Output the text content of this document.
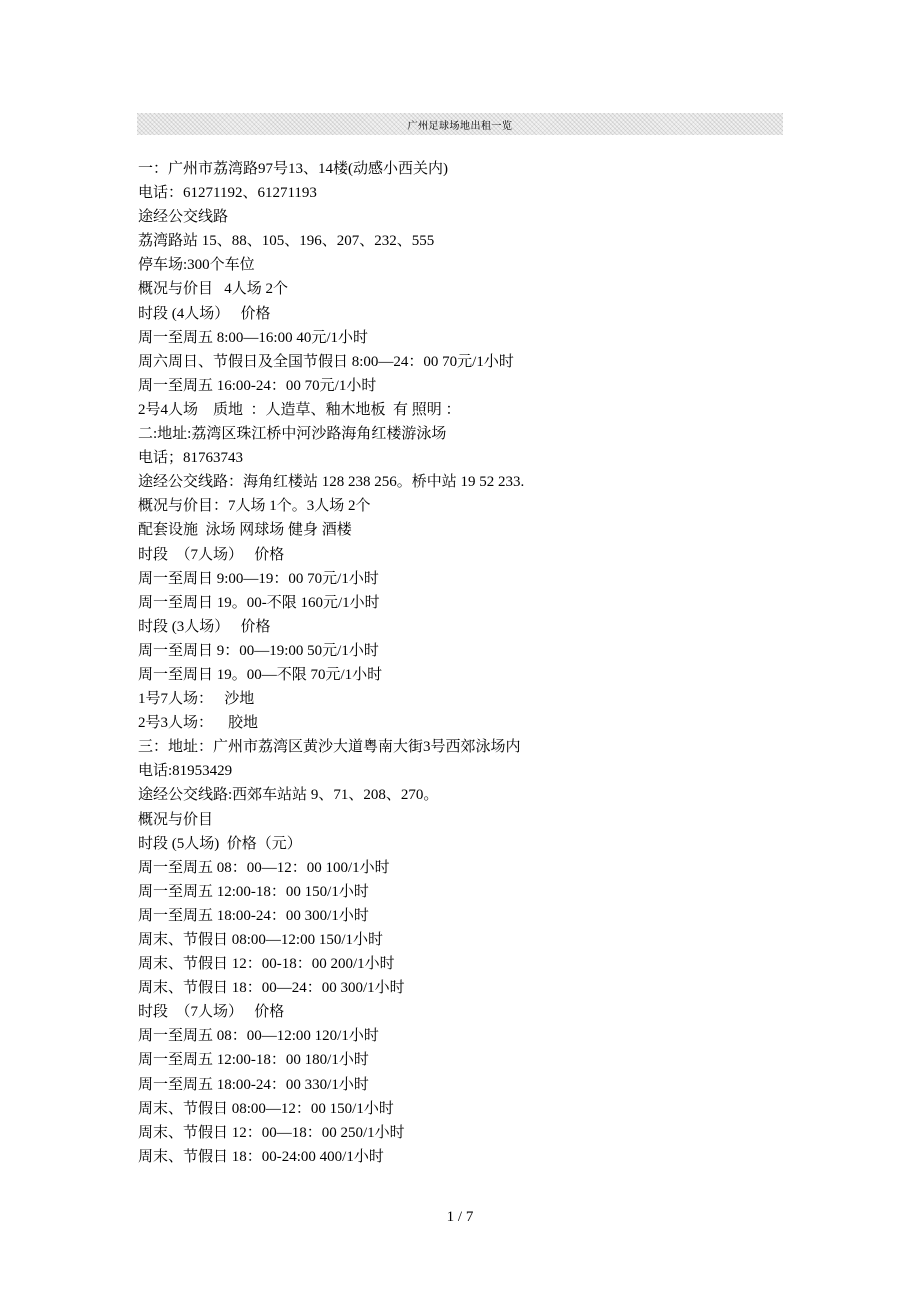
广州足球场地出租一览
一：广州市荔湾路97号13、14楼(动感小西关内)
电话：61271192、61271193
途经公交线路
荔湾路站 15、88、105、196、207、232、555
停车场:300个车位
概况与价目   4人场 2个
时段 (4人场）   价格
周一至周五 8:00—16:00 40元/1小时
周六周日、节假日及全国节假日 8:00—24：00 70元/1小时
周一至周五 16:00-24：00 70元/1小时
2号4人场    质地  ：人造草、釉木地板  有 照明 ：
二:地址:荔湾区珠江桥中河沙路海角红楼游泳场
电话；81763743
途经公交线路：海角红楼站 128 238 256。桥中站 19 52 233.
概况与价目：7人场 1个。3人场 2个
配套设施  泳场 网球场 健身 酒楼
时段  （7人场）   价格
周一至周日 9:00—19：00 70元/1小时
周一至周日 19。00-不限 160元/1小时
时段 (3人场）   价格
周一至周日 9：00—19:00 50元/1小时
周一至周日 19。00—不限 70元/1小时
1号7人场：   沙地
2号3人场：    胶地
三：地址：广州市荔湾区黄沙大道粤南大街3号西郊泳场内
电话:81953429
途经公交线路:西郊车站站 9、71、208、270。
概况与价目
时段 (5人场)  价格（元）
周一至周五 08：00—12：00 100/1小时
周一至周五 12:00-18：00 150/1小时
周一至周五 18:00-24：00 300/1小时
周末、节假日 08:00—12:00 150/1小时
周末、节假日 12：00-18：00 200/1小时
周末、节假日 18：00—24：00 300/1小时
时段  （7人场）   价格
周一至周五 08：00—12:00 120/1小时
周一至周五 12:00-18：00 180/1小时
周一至周五 18:00-24：00 330/1小时
周末、节假日 08:00—12：00 150/1小时
周末、节假日 12：00—18：00 250/1小时
周末、节假日 18：00-24:00 400/1小时
1 / 7
